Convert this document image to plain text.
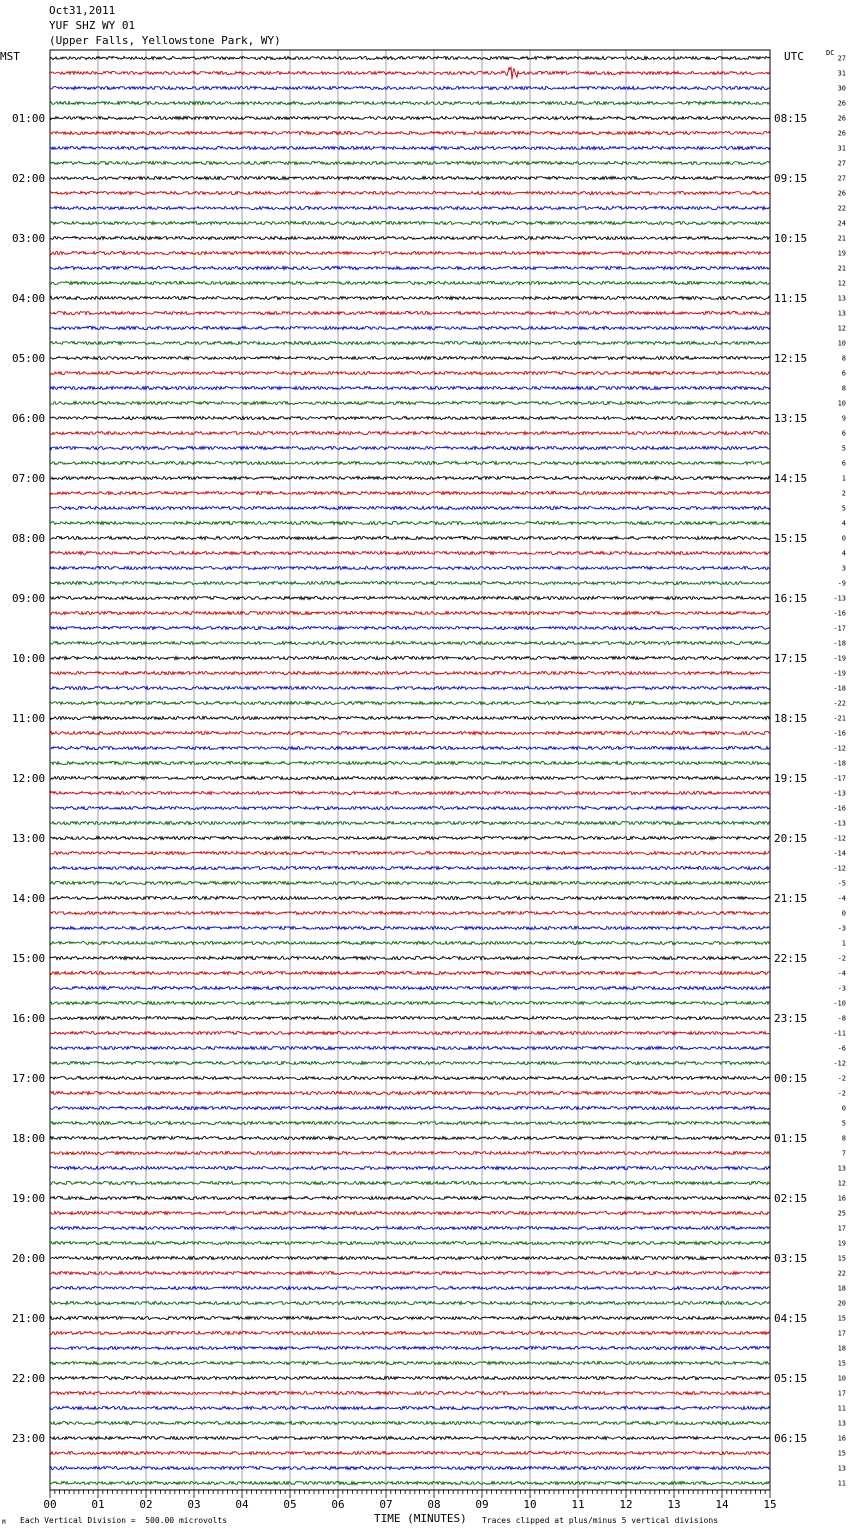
Oct31,2011
YUF SHZ WY 01
(Upper Falls, Yellowstone Park, WY)
MST	UTC	DC
01:00
02:00
03:00
04:00
05:00
06:00
07:00
08:00
09:00
10:00
11:00
12:00
13:00
14:00
15:00
16:00
17:00
18:00
19:00
20:00
21:00
22:00
23:00
08:15
09:15
10:15
11:15
12:15
13:15
14:15
15:15
16:15
17:15
18:15
19:15
20:15
21:15
22:15
23:15
00:15
01:15
02:15
03:15
04:15
05:15
06:15
27
31
30
26
26
26
31
27
27
26
22
24
21
19
21
12
13
13
12
10
8
6
8
10
9
6
5
6
1
2
5
4
0
4
3
-9
-13
-16
-17
-18
-19
-19
-18
-22
-21
-16
-12
-18
-17
-13
-16
-13
-12
-14
-12
-5
-4
0
-3
1
-2
-4
-3
-10
-8
-11
-6
-12
-2
-2
0
5
8
7
13
12
16
25
17
19
15
22
18
20
15
17
18
15
10
17
11
13
16
15
13
11
00	01	02	03	04	05	06	07	08	09	10	11	12	13	14	15
M Each Vertical Division =  500.00 microvolts	TIME (MINUTES) Traces clipped at plus/minus 5 vertical divisions
